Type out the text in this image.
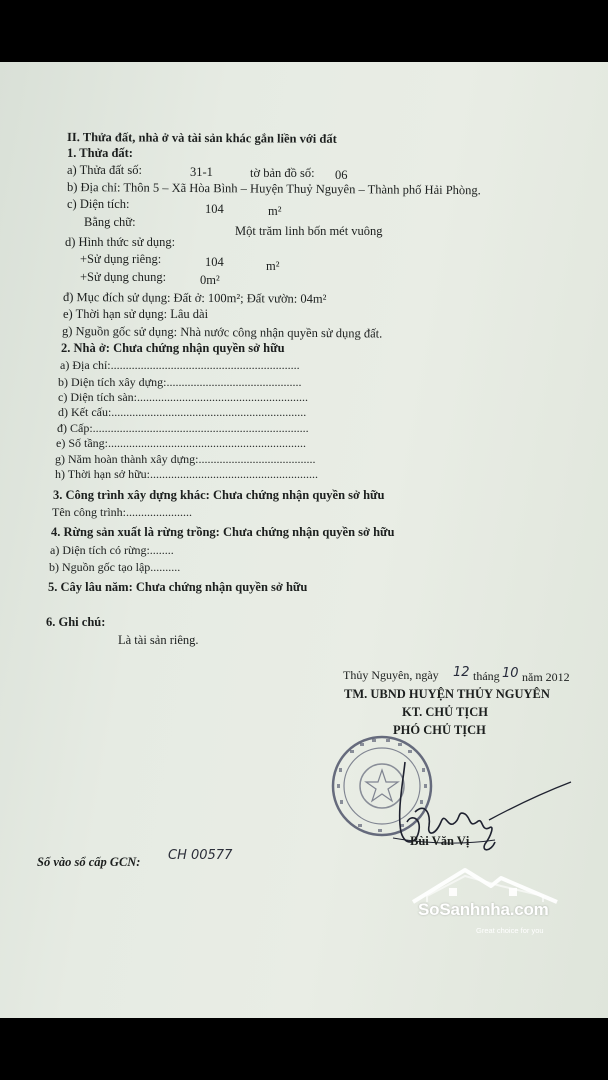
II. Thửa đất, nhà ở và tài sản khác gắn liền với đất
1. Thửa đất:
a) Thửa đất số:	31-1	tờ bản đồ số: 06
b) Địa chỉ: Thôn 5 – Xã Hòa Bình – Huyện Thuỷ Nguyên – Thành phố Hải Phòng.
c) Diện tích:	104	m²
Bằng chữ:
Một trăm linh bốn mét vuông
d) Hình thức sử dụng:
+Sử dụng riêng:	104	m²
+Sử dụng chung:	0m²
đ) Mục đích sử dụng: Đất ở: 100m²; Đất vườn: 04m²
e) Thời hạn sử dụng: Lâu dài
g) Nguồn gốc sử dụng: Nhà nước công nhận quyền sử dụng đất.
2. Nhà ở: Chưa chứng nhận quyền sở hữu
a) Địa chỉ:...............................................................
b) Diện tích xây dựng:.............................................
c) Diện tích sàn:.........................................................
d) Kết cấu:.................................................................
đ) Cấp:........................................................................
e) Số tầng:..................................................................
g) Năm hoàn thành xây dựng:.......................................
h) Thời hạn sở hữu:........................................................
3. Công trình xây dựng khác: Chưa chứng nhận quyền sở hữu
Tên công trình:......................
4. Rừng sản xuất là rừng trồng: Chưa chứng nhận quyền sở hữu
a) Diện tích có rừng:........
b) Nguồn gốc tạo lập..........
5. Cây lâu năm: Chưa chứng nhận quyền sở hữu
6. Ghi chú:
Là tài sản riêng.
Thủy Nguyên, ngày 12 tháng 10 năm 2012
TM. UBND HUYỆN THỦY NGUYÊN
KT. CHỦ TỊCH
PHÓ CHỦ TỊCH
Bùi Văn Vị
Số vào sổ cấp GCN: CH 00577
SoSanhnha.com
Great choice for you
